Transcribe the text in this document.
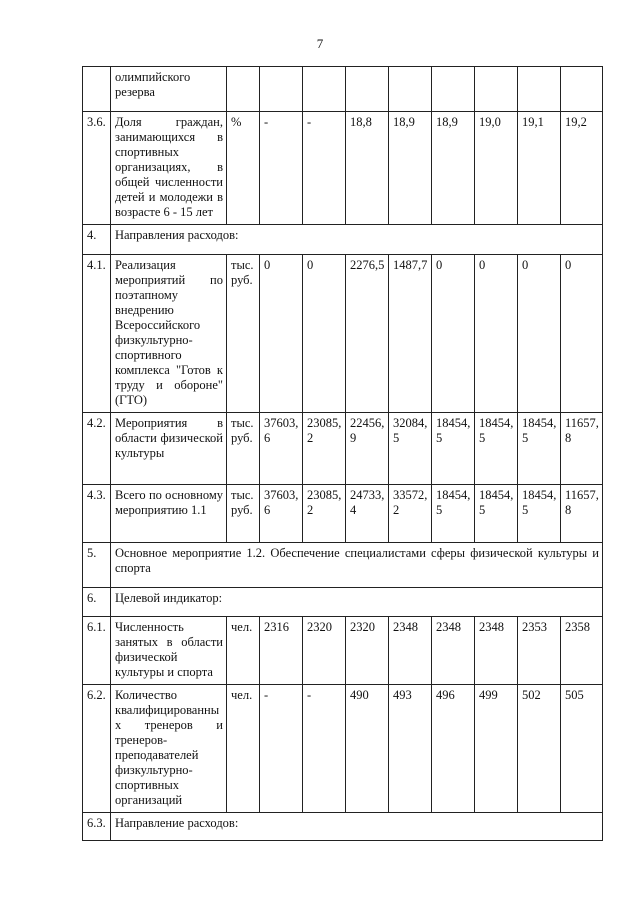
7
	олимпийского резерва									
3.6.	Доля граждан, занимающихся в спортивных организациях, в общей численности детей и молодежи в возрасте 6 - 15 лет	%	-	-	18,8	18,9	18,9	19,0	19,1	19,2
4.	Направления расходов:									
4.1.	Реализация мероприятий по поэтапному внедрению Всероссийского физкультурно-спортивного комплекса "Готов к труду и обороне" (ГТО)	тыс. руб.	0	0	2276,5	1487,7	0	0	0	0
4.2.	Мероприятия в области физической культуры	тыс. руб.	37603, 6	23085, 2	22456, 9	32084, 5	18454, 5	18454, 5	18454, 5	11657, 8
4.3.	Всего по основному мероприятию 1.1	тыс. руб.	37603, 6	23085, 2	24733, 4	33572, 2	18454, 5	18454, 5	18454, 5	11657, 8
5.	Основное мероприятие 1.2. Обеспечение специалистами сферы физической культуры и спорта									
6.	Целевой индикатор:									
6.1.	Численность занятых в области физической культуры и спорта	чел.	2316	2320	2320	2348	2348	2348	2353	2358
6.2.	Количество квалифицированны х тренеров и тренеров-преподавателей физкультурно-спортивных организаций	чел.	-	-	490	493	496	499	502	505
6.3.	Направление расходов:									
